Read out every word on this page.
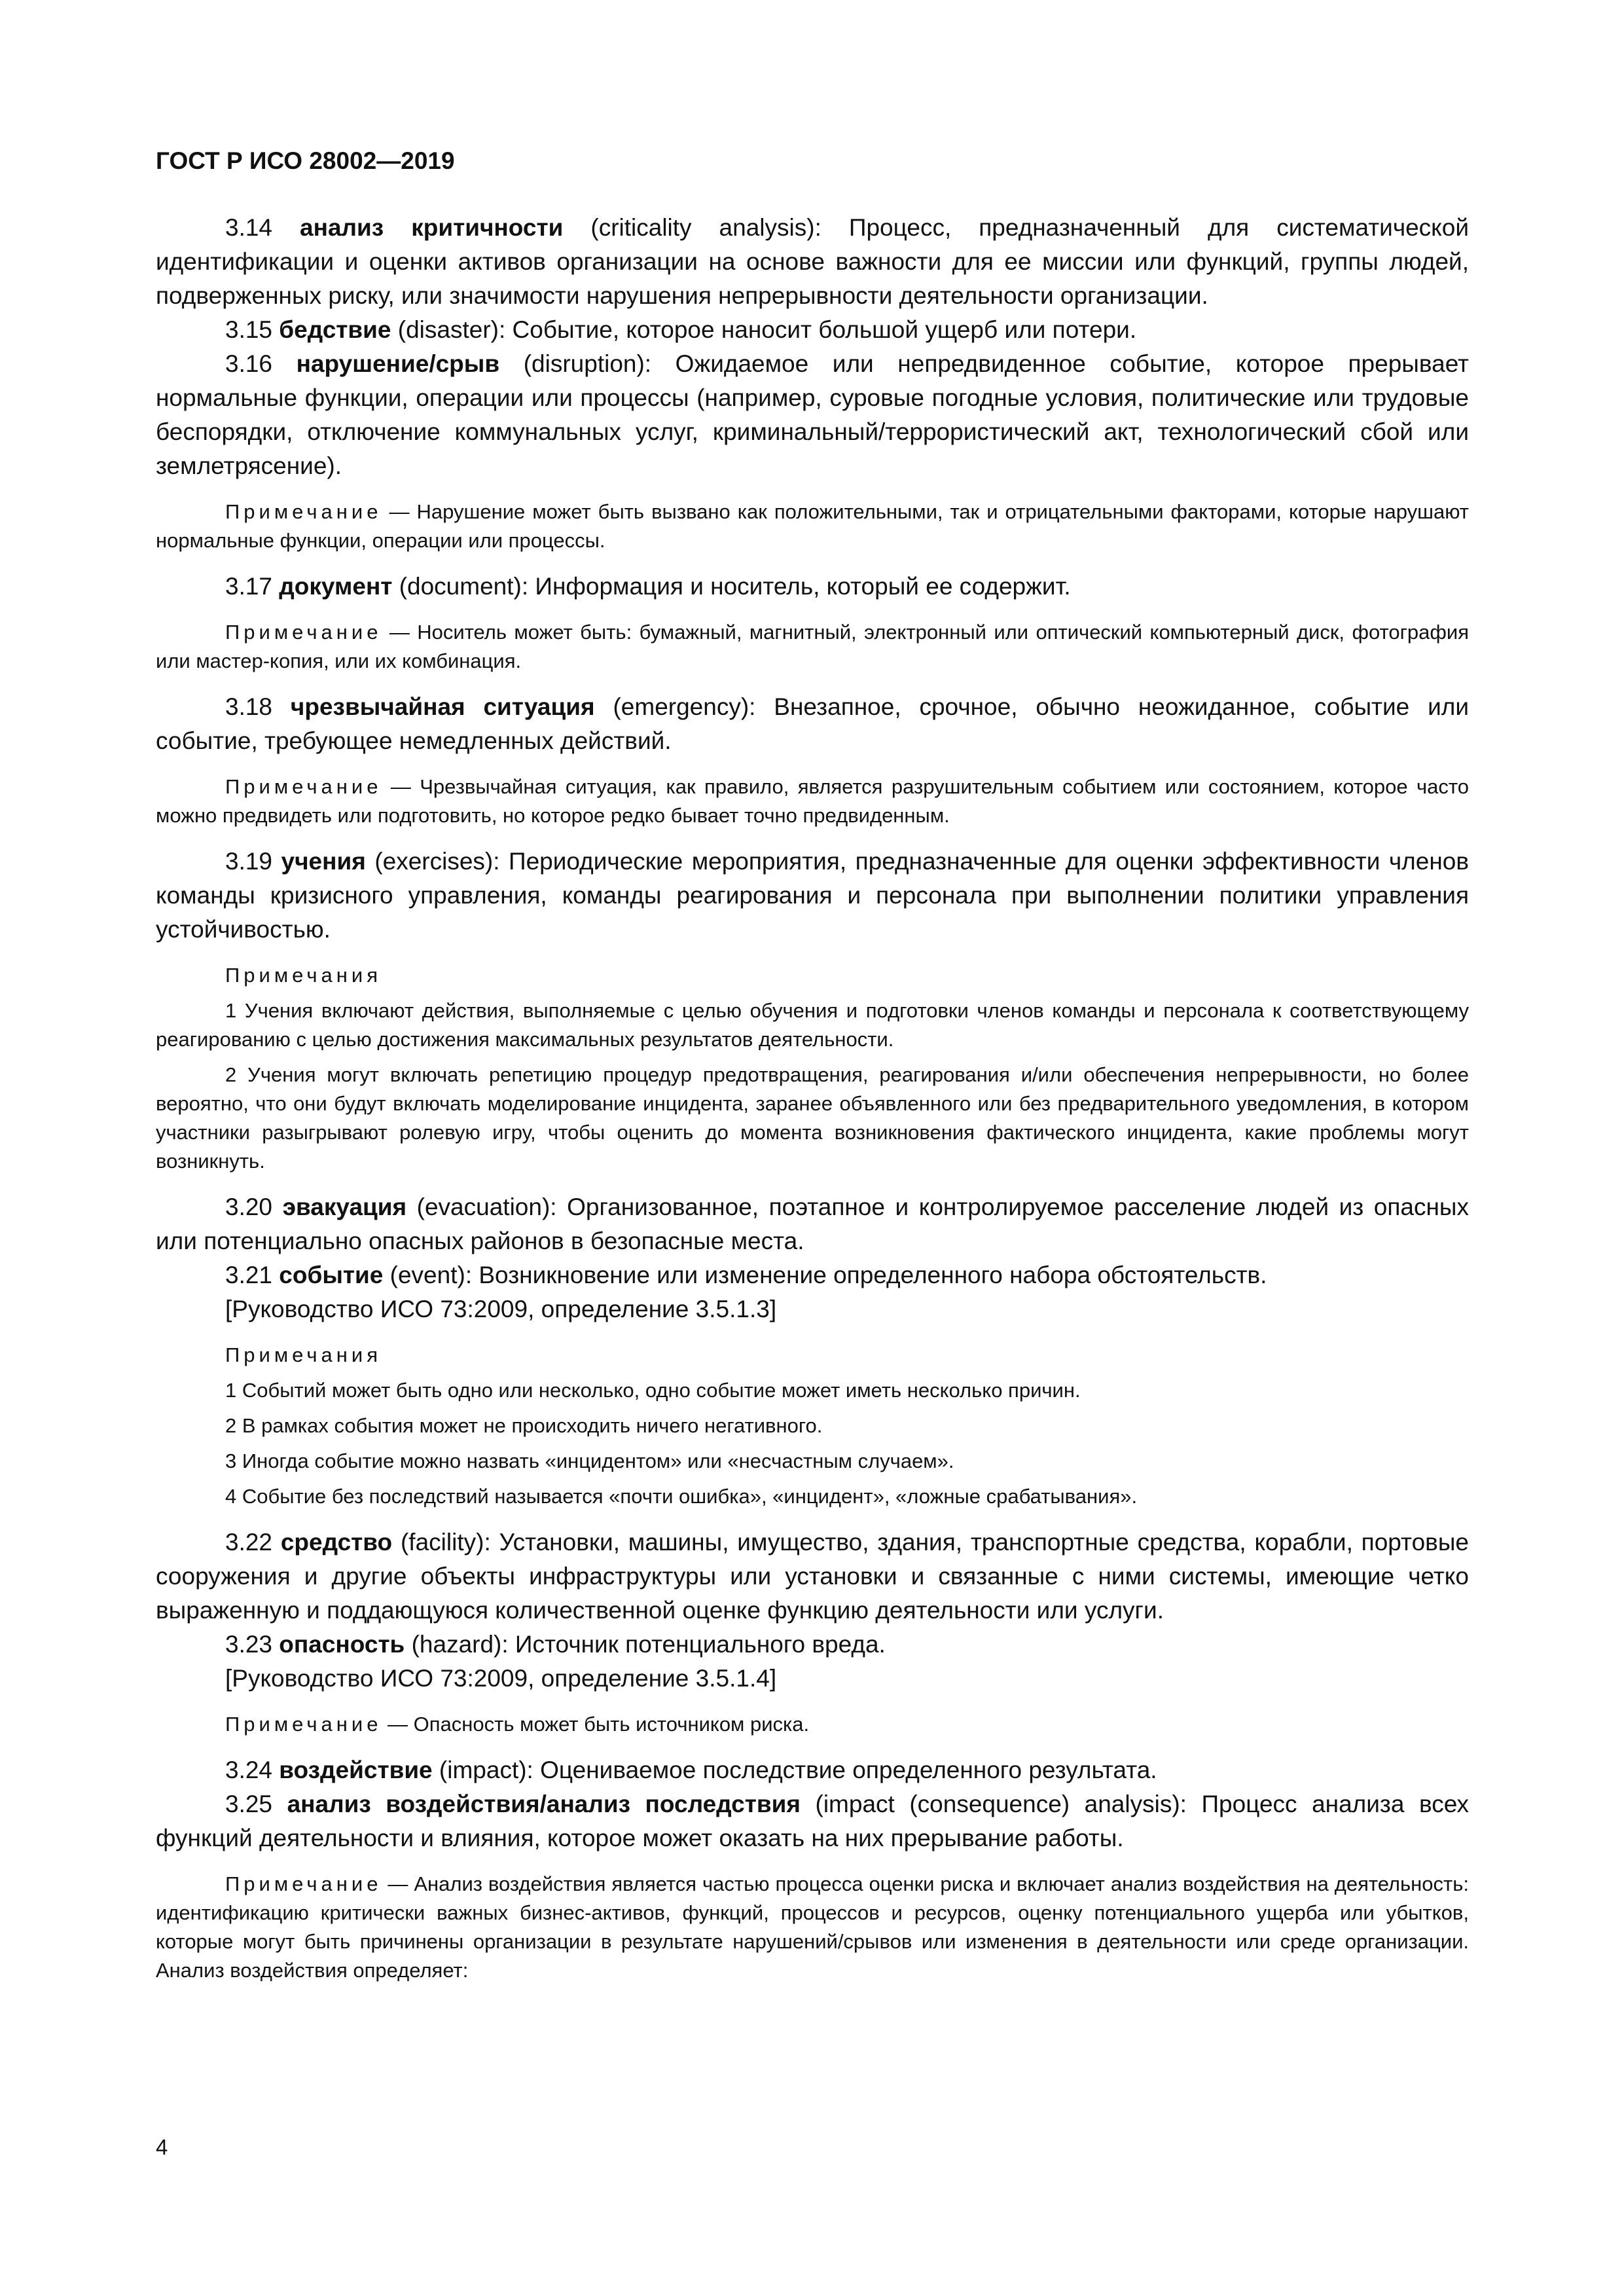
ГОСТ Р ИСО 28002—2019

3.14 анализ критичности (criticality analysis): Процесс, предназначенный для систематической идентификации и оценки активов организации на основе важности для ее миссии или функций, группы людей, подверженных риску, или значимости нарушения непрерывности деятельности организации.

3.15 бедствие (disaster): Событие, которое наносит большой ущерб или потери.

3.16 нарушение/срыв (disruption): Ожидаемое или непредвиденное событие, которое прерывает нормальные функции, операции или процессы (например, суровые погодные условия, политические или трудовые беспорядки, отключение коммунальных услуг, криминальный/террористический акт, технологический сбой или землетрясение).

Примечание — Нарушение может быть вызвано как положительными, так и отрицательными факторами, которые нарушают нормальные функции, операции или процессы.

3.17 документ (document): Информация и носитель, который ее содержит.

Примечание — Носитель может быть: бумажный, магнитный, электронный или оптический компьютерный диск, фотография или мастер-копия, или их комбинация.

3.18 чрезвычайная ситуация (emergency): Внезапное, срочное, обычно неожиданное, событие или событие, требующее немедленных действий.

Примечание — Чрезвычайная ситуация, как правило, является разрушительным событием или состоянием, которое часто можно предвидеть или подготовить, но которое редко бывает точно предвиденным.

3.19 учения (exercises): Периодические мероприятия, предназначенные для оценки эффективности членов команды кризисного управления, команды реагирования и персонала при выполнении политики управления устойчивостью.

Примечания

1 Учения включают действия, выполняемые с целью обучения и подготовки членов команды и персонала к соответствующему реагированию с целью достижения максимальных результатов деятельности.

2 Учения могут включать репетицию процедур предотвращения, реагирования и/или обеспечения непрерывности, но более вероятно, что они будут включать моделирование инцидента, заранее объявленного или без предварительного уведомления, в котором участники разыгрывают ролевую игру, чтобы оценить до момента возникновения фактического инцидента, какие проблемы могут возникнуть.

3.20 эвакуация (evacuation): Организованное, поэтапное и контролируемое расселение людей из опасных или потенциально опасных районов в безопасные места.

3.21 событие (event): Возникновение или изменение определенного набора обстоятельств.

[Руководство ИСО 73:2009, определение 3.5.1.3]

Примечания

1 Событий может быть одно или несколько, одно событие может иметь несколько причин.

2 В рамках события может не происходить ничего негативного.

3 Иногда событие можно назвать «инцидентом» или «несчастным случаем».

4 Событие без последствий называется «почти ошибка», «инцидент», «ложные срабатывания».

3.22 средство (facility): Установки, машины, имущество, здания, транспортные средства, корабли, портовые сооружения и другие объекты инфраструктуры или установки и связанные с ними системы, имеющие четко выраженную и поддающуюся количественной оценке функцию деятельности или услуги.

3.23 опасность (hazard): Источник потенциального вреда.

[Руководство ИСО 73:2009, определение 3.5.1.4]

Примечание — Опасность может быть источником риска.

3.24 воздействие (impact): Оцениваемое последствие определенного результата.

3.25 анализ воздействия/анализ последствия (impact (consequence) analysis): Процесс анализа всех функций деятельности и влияния, которое может оказать на них прерывание работы.

Примечание — Анализ воздействия является частью процесса оценки риска и включает анализ воздействия на деятельность: идентификацию критически важных бизнес-активов, функций, процессов и ресурсов, оценку потенциального ущерба или убытков, которые могут быть причинены организации в результате нарушений/срывов или изменения в деятельности или среде организации. Анализ воздействия определяет:

4
